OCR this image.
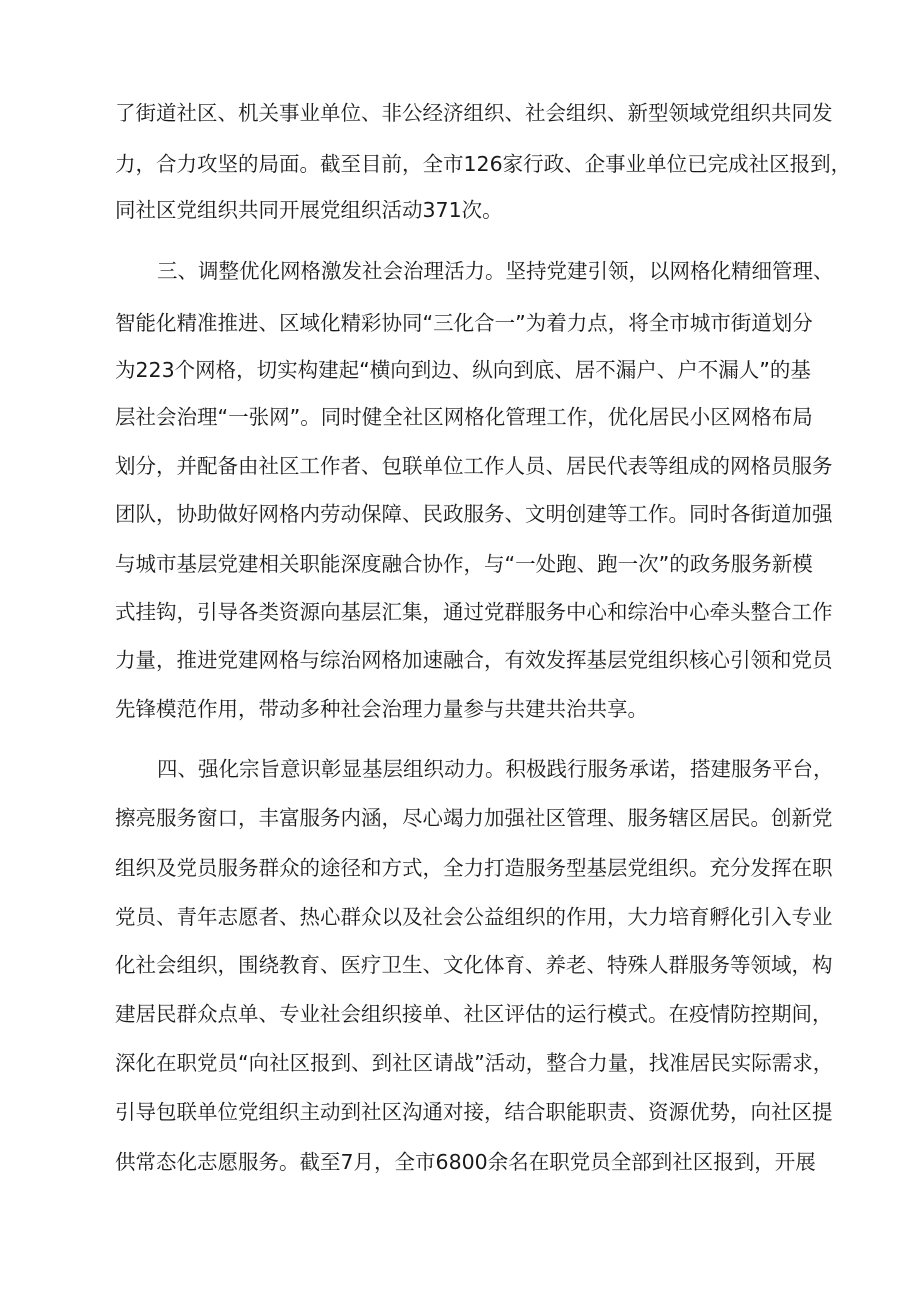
了街道社区、机关事业单位、非公经济组织、社会组织、新型领域党组织共同发
力，合力攻坚的局面。截至目前，全市126家行政、企事业单位已完成社区报到，
同社区党组织共同开展党组织活动371次。
三、调整优化网格激发社会治理活力。坚持党建引领，以网格化精细管理、
智能化精准推进、区域化精彩协同“三化合一”为着力点，将全市城市街道划分
为223个网格，切实构建起“横向到边、纵向到底、居不漏户、户不漏人”的基
层社会治理“一张网”。同时健全社区网格化管理工作，优化居民小区网格布局
划分，并配备由社区工作者、包联单位工作人员、居民代表等组成的网格员服务
团队，协助做好网格内劳动保障、民政服务、文明创建等工作。同时各街道加强
与城市基层党建相关职能深度融合协作，与“一处跑、跑一次”的政务服务新模
式挂钩，引导各类资源向基层汇集，通过党群服务中心和综治中心牵头整合工作
力量，推进党建网格与综治网格加速融合，有效发挥基层党组织核心引领和党员
先锋模范作用，带动多种社会治理力量参与共建共治共享。
四、强化宗旨意识彰显基层组织动力。积极践行服务承诺，搭建服务平台，
擦亮服务窗口，丰富服务内涵，尽心竭力加强社区管理、服务辖区居民。创新党
组织及党员服务群众的途径和方式，全力打造服务型基层党组织。充分发挥在职
党员、青年志愿者、热心群众以及社会公益组织的作用，大力培育孵化引入专业
化社会组织，围绕教育、医疗卫生、文化体育、养老、特殊人群服务等领域，构
建居民群众点单、专业社会组织接单、社区评估的运行模式。在疫情防控期间，
深化在职党员“向社区报到、到社区请战”活动，整合力量，找准居民实际需求，
引导包联单位党组织主动到社区沟通对接，结合职能职责、资源优势，向社区提
供常态化志愿服务。截至7月，全市6800余名在职党员全部到社区报到，开展
